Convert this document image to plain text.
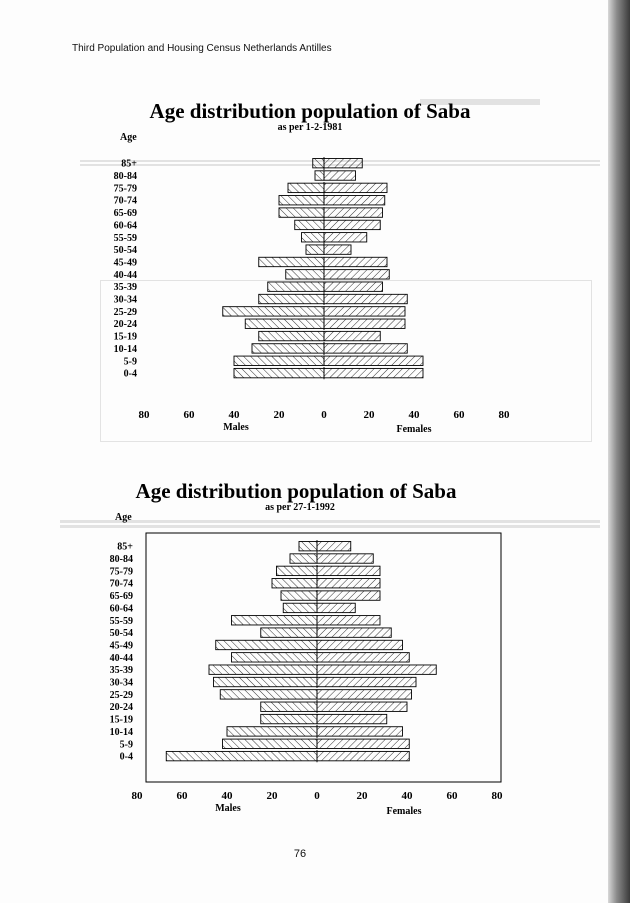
▬▬▬▬▬▬
Third Population and Housing Census Netherlands Antilles
Age distribution population of Saba
as per 1-2-1981
Age
85+
80-84
75-79
70-74
65-69
60-64
55-59
50-54
45-49
40-44
35-39
30-34
25-29
20-24
15-19
10-14
5-9
0-4
80	60	40	20	0	20	40	60	80
Males	Females
Age distribution population of Saba
as per 27-1-1992
Age
85+
80-84
75-79
70-74
65-69
60-64
55-59
50-54
45-49
40-44
35-39
30-34
25-29
20-24
15-19
10-14
5-9
0-4
80	60	40	20	0	20	40	60	80
Males	Females
76
